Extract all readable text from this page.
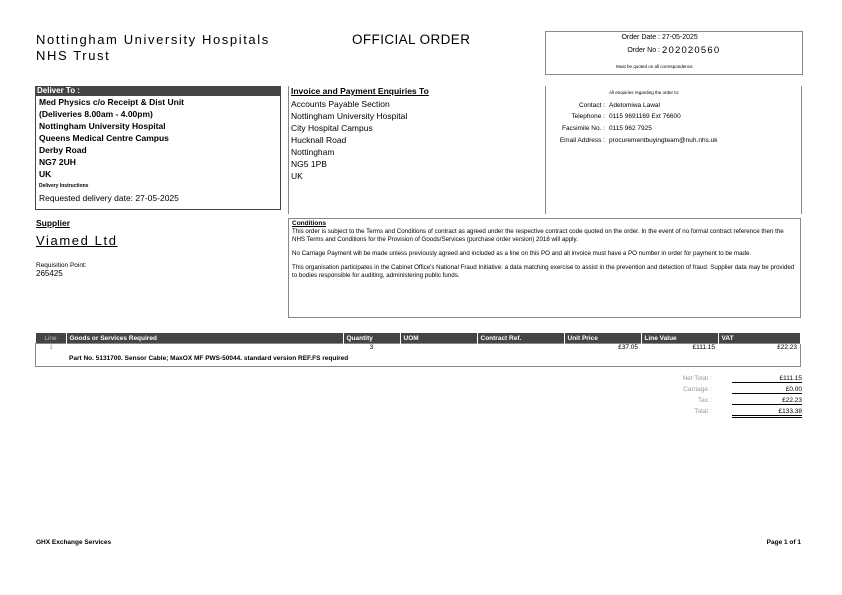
Nottingham University Hospitals
NHS Trust
OFFICIAL ORDER	Order Date : 27-05-2025
Order No : 202020560
Must be quoted on all correspondence.
Deliver To :
Med Physics c/o Receipt & Dist Unit
(Deliveries 8.00am - 4.00pm)
Nottingham University Hospital
Queens Medical Centre Campus
Derby Road
NG7 2UH
UK
Delivery Instructions
Requested delivery date: 27-05-2025
Invoice and Payment Enquiries To
Accounts Payable Section
Nottingham University Hospital
City Hospital Campus
Hucknall Road
Nottingham
NG5 1PB
UK
All enquiries regarding the order to:
Contact : Adetomiwa Lawal
Telephone : 0115 9691169 Ext 76600
Facsimile No. : 0115 962 7925
Email Address : procurementbuyingteam@nuh.nhs.uk
Supplier
Viamed Ltd
Requisition Point:
265425
Conditions

This order is subject to the Terms and Conditions of contract as agreed under the respective contract code quoted on the order. In the event of no formal contract reference then the NHS Terms and Conditions for the Provision of Goods/Services (purchase order version) 2018 will apply.

No Carriage Payment will be made unless previously agreed and included as a line on this PO and all invoice must have a PO number in order for payment to be made.

This organisation participates in the Cabinet Office's National Fraud Initiative: a data matching exercise to assist in the prevention and detection of fraud. Supplier data may be provided to bodies responsible for auditing, administering public funds.

Line	Goods or Services Required	Quantity	UOM	Contract Ref.	Unit Price	Line Value	VAT
1		3			£37.05	£111.15	£22.23
	Part No. 5131700. Sensor Cable; MaxOX MF PWS-50044. standard version REF.FS required						
Net Total :	£111.15
Carriage :	£0.00
Tax :	£22.23
Total :	£133.38
GHX Exchange Services	Page 1 of 1
